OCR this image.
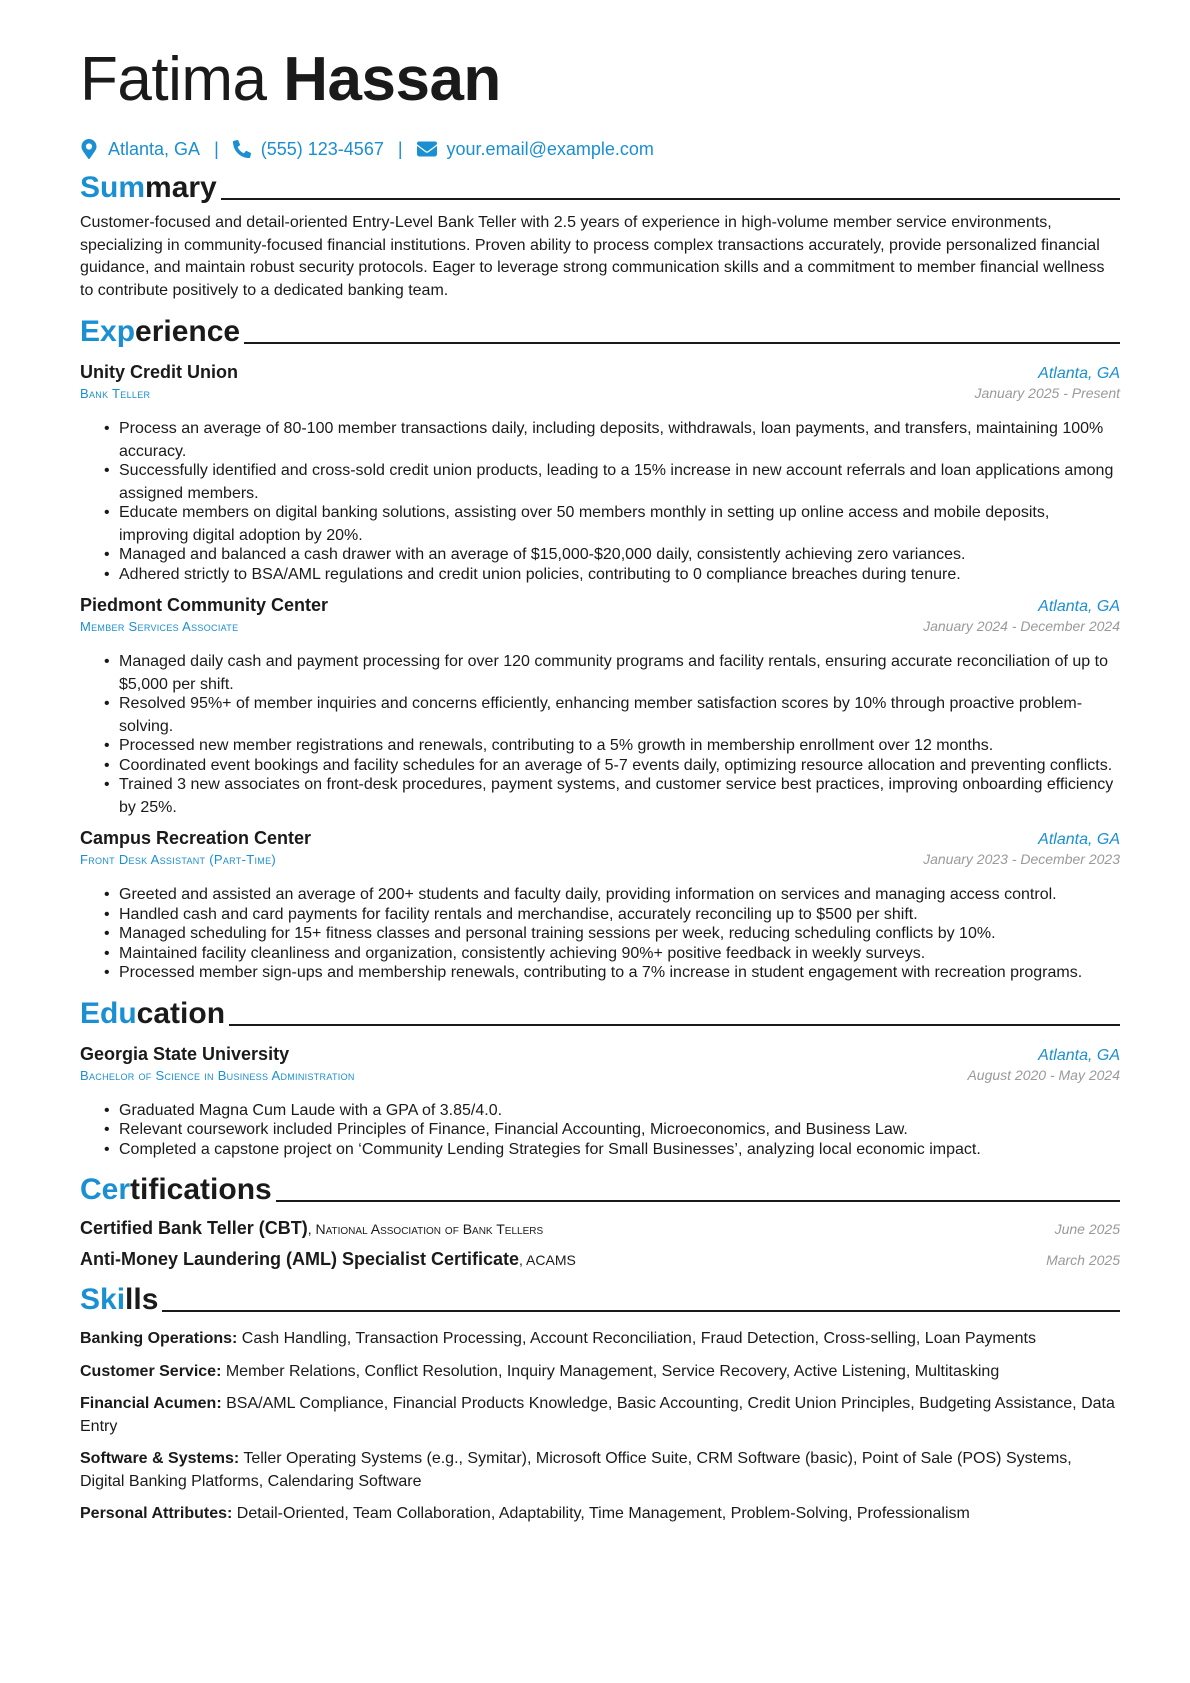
Fatima Hassan
Atlanta, GA | (555) 123-4567 | your.email@example.com
Summary

Customer-focused and detail-oriented Entry-Level Bank Teller with 2.5 years of experience in high-volume member service environments, specializing in community-focused financial institutions. Proven ability to process complex transactions accurately, provide personalized financial guidance, and maintain robust security protocols. Eager to leverage strong communication skills and a commitment to member financial wellness to contribute positively to a dedicated banking team.

Experience
Unity Credit Union	Atlanta, GA
Bank Teller	January 2025 - Present
• Process an average of 80-100 member transactions daily, including deposits, withdrawals, loan payments, and transfers, maintaining 100% accuracy.
• Successfully identified and cross-sold credit union products, leading to a 15% increase in new account referrals and loan applications among assigned members.
• Educate members on digital banking solutions, assisting over 50 members monthly in setting up online access and mobile deposits, improving digital adoption by 20%.
• Managed and balanced a cash drawer with an average of $15,000-$20,000 daily, consistently achieving zero variances.
• Adhered strictly to BSA/AML regulations and credit union policies, contributing to 0 compliance breaches during tenure.
Piedmont Community Center	Atlanta, GA
Member Services Associate	January 2024 - December 2024
• Managed daily cash and payment processing for over 120 community programs and facility rentals, ensuring accurate reconciliation of up to $5,000 per shift.
• Resolved 95%+ of member inquiries and concerns efficiently, enhancing member satisfaction scores by 10% through proactive problem-solving.
• Processed new member registrations and renewals, contributing to a 5% growth in membership enrollment over 12 months.
• Coordinated event bookings and facility schedules for an average of 5-7 events daily, optimizing resource allocation and preventing conflicts.
• Trained 3 new associates on front-desk procedures, payment systems, and customer service best practices, improving onboarding efficiency by 25%.
Campus Recreation Center	Atlanta, GA
Front Desk Assistant (Part-Time)	January 2023 - December 2023
• Greeted and assisted an average of 200+ students and faculty daily, providing information on services and managing access control.
• Handled cash and card payments for facility rentals and merchandise, accurately reconciling up to $500 per shift.
• Managed scheduling for 15+ fitness classes and personal training sessions per week, reducing scheduling conflicts by 10%.
• Maintained facility cleanliness and organization, consistently achieving 90%+ positive feedback in weekly surveys.
• Processed member sign-ups and membership renewals, contributing to a 7% increase in student engagement with recreation programs.
Education
Georgia State University	Atlanta, GA
Bachelor of Science in Business Administration	August 2020 - May 2024
• Graduated Magna Cum Laude with a GPA of 3.85/4.0.
• Relevant coursework included Principles of Finance, Financial Accounting, Microeconomics, and Business Law.
• Completed a capstone project on ‘Community Lending Strategies for Small Businesses’, analyzing local economic impact.
Certifications
Certified Bank Teller (CBT), National Association of Bank Tellers	June 2025
Anti-Money Laundering (AML) Specialist Certificate, ACAMS	March 2025
Skills

Banking Operations: Cash Handling, Transaction Processing, Account Reconciliation, Fraud Detection, Cross-selling, Loan Payments

Customer Service: Member Relations, Conflict Resolution, Inquiry Management, Service Recovery, Active Listening, Multitasking

Financial Acumen: BSA/AML Compliance, Financial Products Knowledge, Basic Accounting, Credit Union Principles, Budgeting Assistance, Data Entry

Software & Systems: Teller Operating Systems (e.g., Symitar), Microsoft Office Suite, CRM Software (basic), Point of Sale (POS) Systems, Digital Banking Platforms, Calendaring Software

Personal Attributes: Detail-Oriented, Team Collaboration, Adaptability, Time Management, Problem-Solving, Professionalism
